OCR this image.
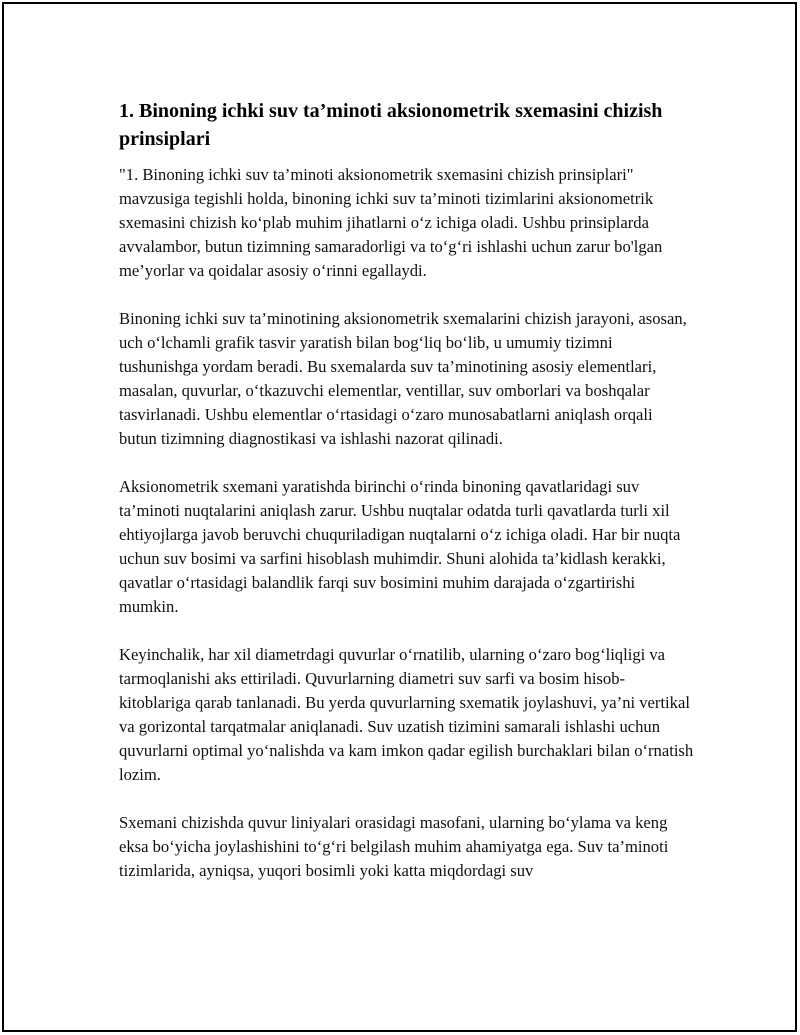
1. Binoning ichki suv ta’minoti aksionometrik sxemasini chizish prinsiplari

"1. Binoning ichki suv ta’minoti aksionometrik sxemasini chizish prinsiplari" mavzusiga tegishli holda, binoning ichki suv ta’minoti tizimlarini aksionometrik sxemasini chizish ko‘plab muhim jihatlarni o‘z ichiga oladi. Ushbu prinsiplarda avvalambor, butun tizimning samaradorligi va to‘g‘ri ishlashi uchun zarur bo'lgan me’yorlar va qoidalar asosiy o‘rinni egallaydi.

Binoning ichki suv ta’minotining aksionometrik sxemalarini chizish jarayoni, asosan, uch o‘lchamli grafik tasvir yaratish bilan bog‘liq bo‘lib, u umumiy tizimni tushunishga yordam beradi. Bu sxemalarda suv ta’minotining asosiy elementlari, masalan, quvurlar, o‘tkazuvchi elementlar, ventillar, suv omborlari va boshqalar tasvirlanadi. Ushbu elementlar o‘rtasidagi o‘zaro munosabatlarni aniqlash orqali butun tizimning diagnostikasi va ishlashi nazorat qilinadi.

Aksionometrik sxemani yaratishda birinchi o‘rinda binoning qavatlaridagi suv ta’minoti nuqtalarini aniqlash zarur. Ushbu nuqtalar odatda turli qavatlarda turli xil ehtiyojlarga javob beruvchi chuquriladigan nuqtalarni o‘z ichiga oladi. Har bir nuqta uchun suv bosimi va sarfini hisoblash muhimdir. Shuni alohida ta’kidlash kerakki, qavatlar o‘rtasidagi balandlik farqi suv bosimini muhim darajada o‘zgartirishi mumkin.

Keyinchalik, har xil diametrdagi quvurlar o‘rnatilib, ularning o‘zaro bog‘liqligi va tarmoqlanishi aks ettiriladi. Quvurlarning diametri suv sarfi va bosim hisob-kitoblariga qarab tanlanadi. Bu yerda quvurlarning sxematik joylashuvi, ya’ni vertikal va gorizontal tarqatmalar aniqlanadi. Suv uzatish tizimini samarali ishlashi uchun quvurlarni optimal yo‘nalishda va kam imkon qadar egilish burchaklari bilan o‘rnatish lozim.

Sxemani chizishda quvur liniyalari orasidagi masofani, ularning bo‘ylama va keng eksa bo‘yicha joylashishini to‘g‘ri belgilash muhim ahamiyatga ega. Suv ta’minoti tizimlarida, ayniqsa, yuqori bosimli yoki katta miqdordagi suv
